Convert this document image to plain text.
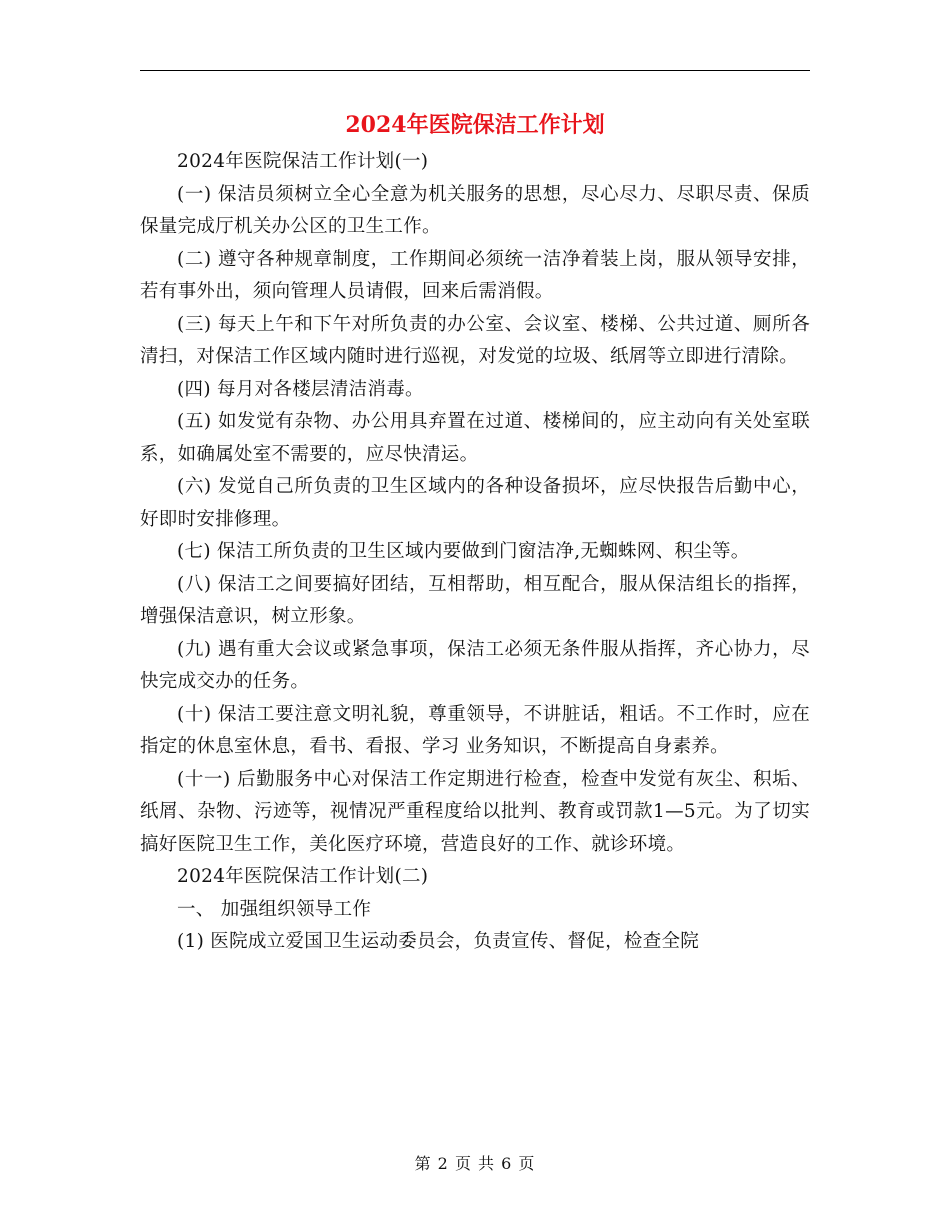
2024年医院保洁工作计划

2024年医院保洁工作计划(一)

(一) 保洁员须树立全心全意为机关服务的思想，尽心尽力、尽职尽责、保质保量完成厅机关办公区的卫生工作。

(二) 遵守各种规章制度，工作期间必须统一洁净着装上岗，服从领导安排，若有事外出，须向管理人员请假，回来后需消假。

(三) 每天上午和下午对所负责的办公室、会议室、楼梯、公共过道、厕所各清扫，对保洁工作区域内随时进行巡视，对发觉的垃圾、纸屑等立即进行清除。

(四) 每月对各楼层清洁消毒。

(五) 如发觉有杂物、办公用具弃置在过道、楼梯间的，应主动向有关处室联系，如确属处室不需要的，应尽快清运。

(六) 发觉自己所负责的卫生区域内的各种设备损坏，应尽快报告后勤中心，好即时安排修理。

(七) 保洁工所负责的卫生区域内要做到门窗洁净,无蜘蛛网、积尘等。

(八) 保洁工之间要搞好团结，互相帮助，相互配合，服从保洁组长的指挥，增强保洁意识，树立形象。

(九) 遇有重大会议或紧急事项，保洁工必须无条件服从指挥，齐心协力，尽快完成交办的任务。

(十) 保洁工要注意文明礼貌，尊重领导，不讲脏话，粗话。不工作时，应在指定的休息室休息，看书、看报、学习 业务知识，不断提高自身素养。

(十一) 后勤服务中心对保洁工作定期进行检查，检查中发觉有灰尘、积垢、纸屑、杂物、污迹等，视情况严重程度给以批判、教育或罚款1—5元。为了切实搞好医院卫生工作，美化医疗环境，营造良好的工作、就诊环境。

2024年医院保洁工作计划(二)

一、 加强组织领导工作

(1) 医院成立爱国卫生运动委员会，负责宣传、督促，检查全院

第 2 页 共 6 页
